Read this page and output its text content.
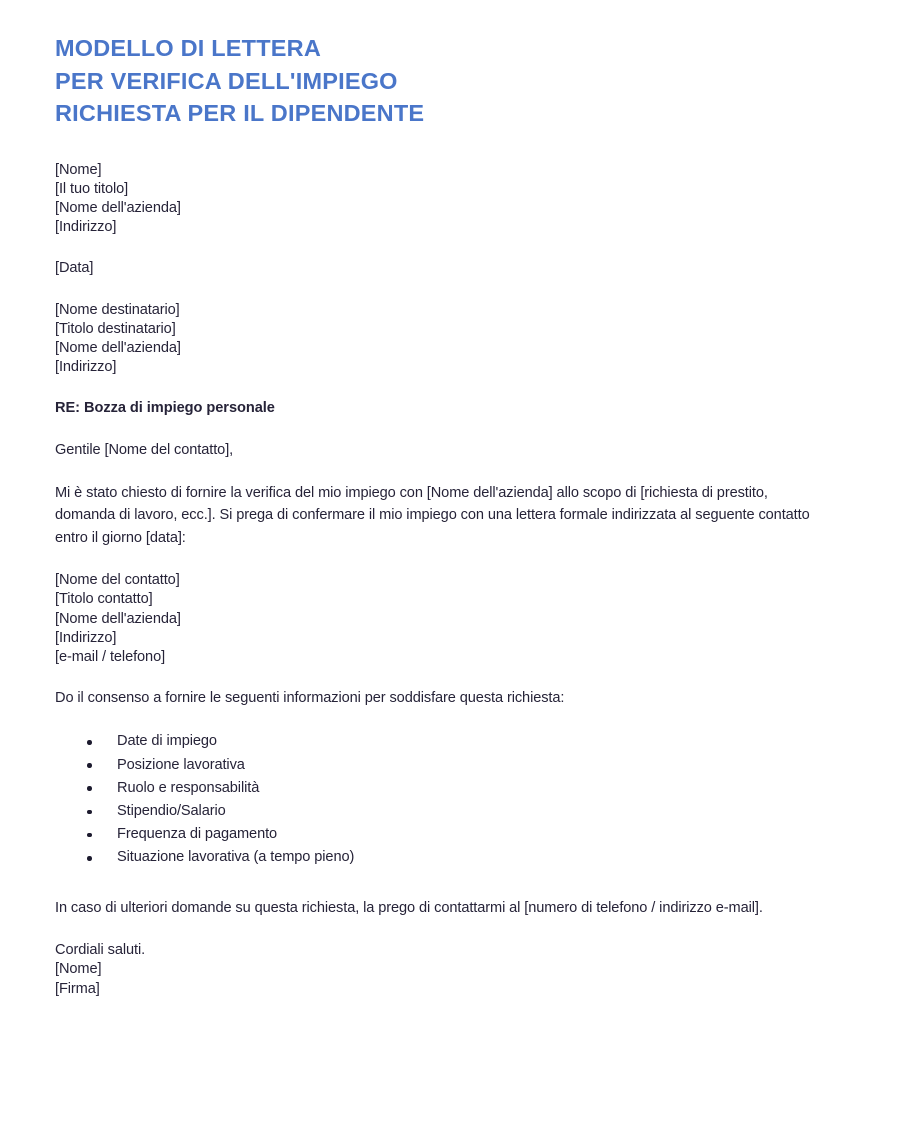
MODELLO DI LETTERA
PER VERIFICA DELL'IMPIEGO
RICHIESTA PER IL DIPENDENTE
[Nome]
[Il tuo titolo]
[Nome dell'azienda]
[Indirizzo]
[Data]
[Nome destinatario]
[Titolo destinatario]
[Nome dell'azienda]
[Indirizzo]
RE: Bozza di impiego personale
Gentile [Nome del contatto],

Mi è stato chiesto di fornire la verifica del mio impiego con [Nome dell'azienda] allo scopo di [richiesta di prestito, domanda di lavoro, ecc.]. Si prega di confermare il mio impiego con una lettera formale indirizzata al seguente contatto entro il giorno [data]:

[Nome del contatto]
[Titolo contatto]
[Nome dell'azienda]
[Indirizzo]
[e-mail / telefono]
Do il consenso a fornire le seguenti informazioni per soddisfare questa richiesta:
Date di impiego
Posizione lavorativa
Ruolo e responsabilità
Stipendio/Salario
Frequenza di pagamento
Situazione lavorativa (a tempo pieno)

In caso di ulteriori domande su questa richiesta, la prego di contattarmi al [numero di telefono / indirizzo e-mail].

Cordiali saluti.
[Nome]
[Firma]
